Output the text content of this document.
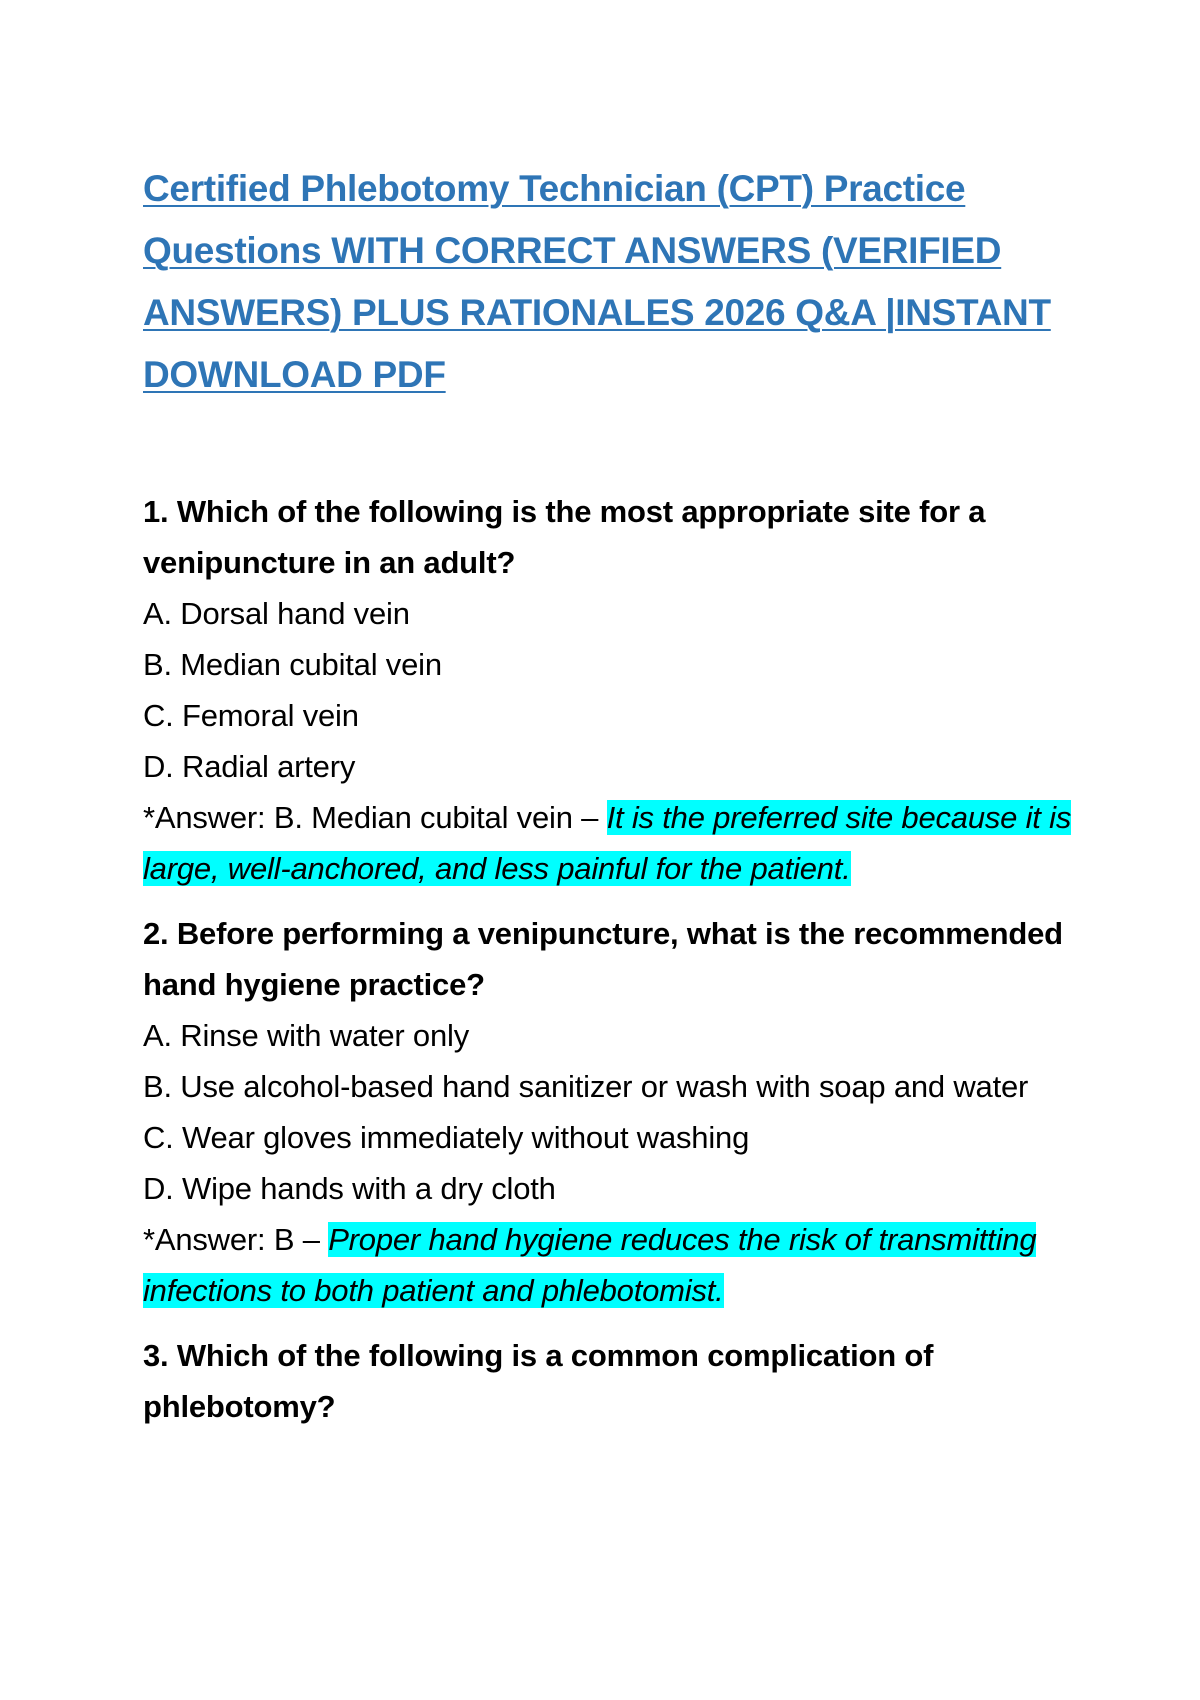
Certified Phlebotomy Technician (CPT) Practice Questions WITH CORRECT ANSWERS (VERIFIED ANSWERS) PLUS RATIONALES 2026 Q&A |INSTANT DOWNLOAD PDF

1. Which of the following is the most appropriate site for a venipuncture in an adult?

A. Dorsal hand vein
B. Median cubital vein
C. Femoral vein
D. Radial artery

*Answer: B. Median cubital vein – It is the preferred site because it is large, well-anchored, and less painful for the patient.

2. Before performing a venipuncture, what is the recommended hand hygiene practice?

A. Rinse with water only
B. Use alcohol-based hand sanitizer or wash with soap and water
C. Wear gloves immediately without washing
D. Wipe hands with a dry cloth

*Answer: B – Proper hand hygiene reduces the risk of transmitting infections to both patient and phlebotomist.

3. Which of the following is a common complication of phlebotomy?
